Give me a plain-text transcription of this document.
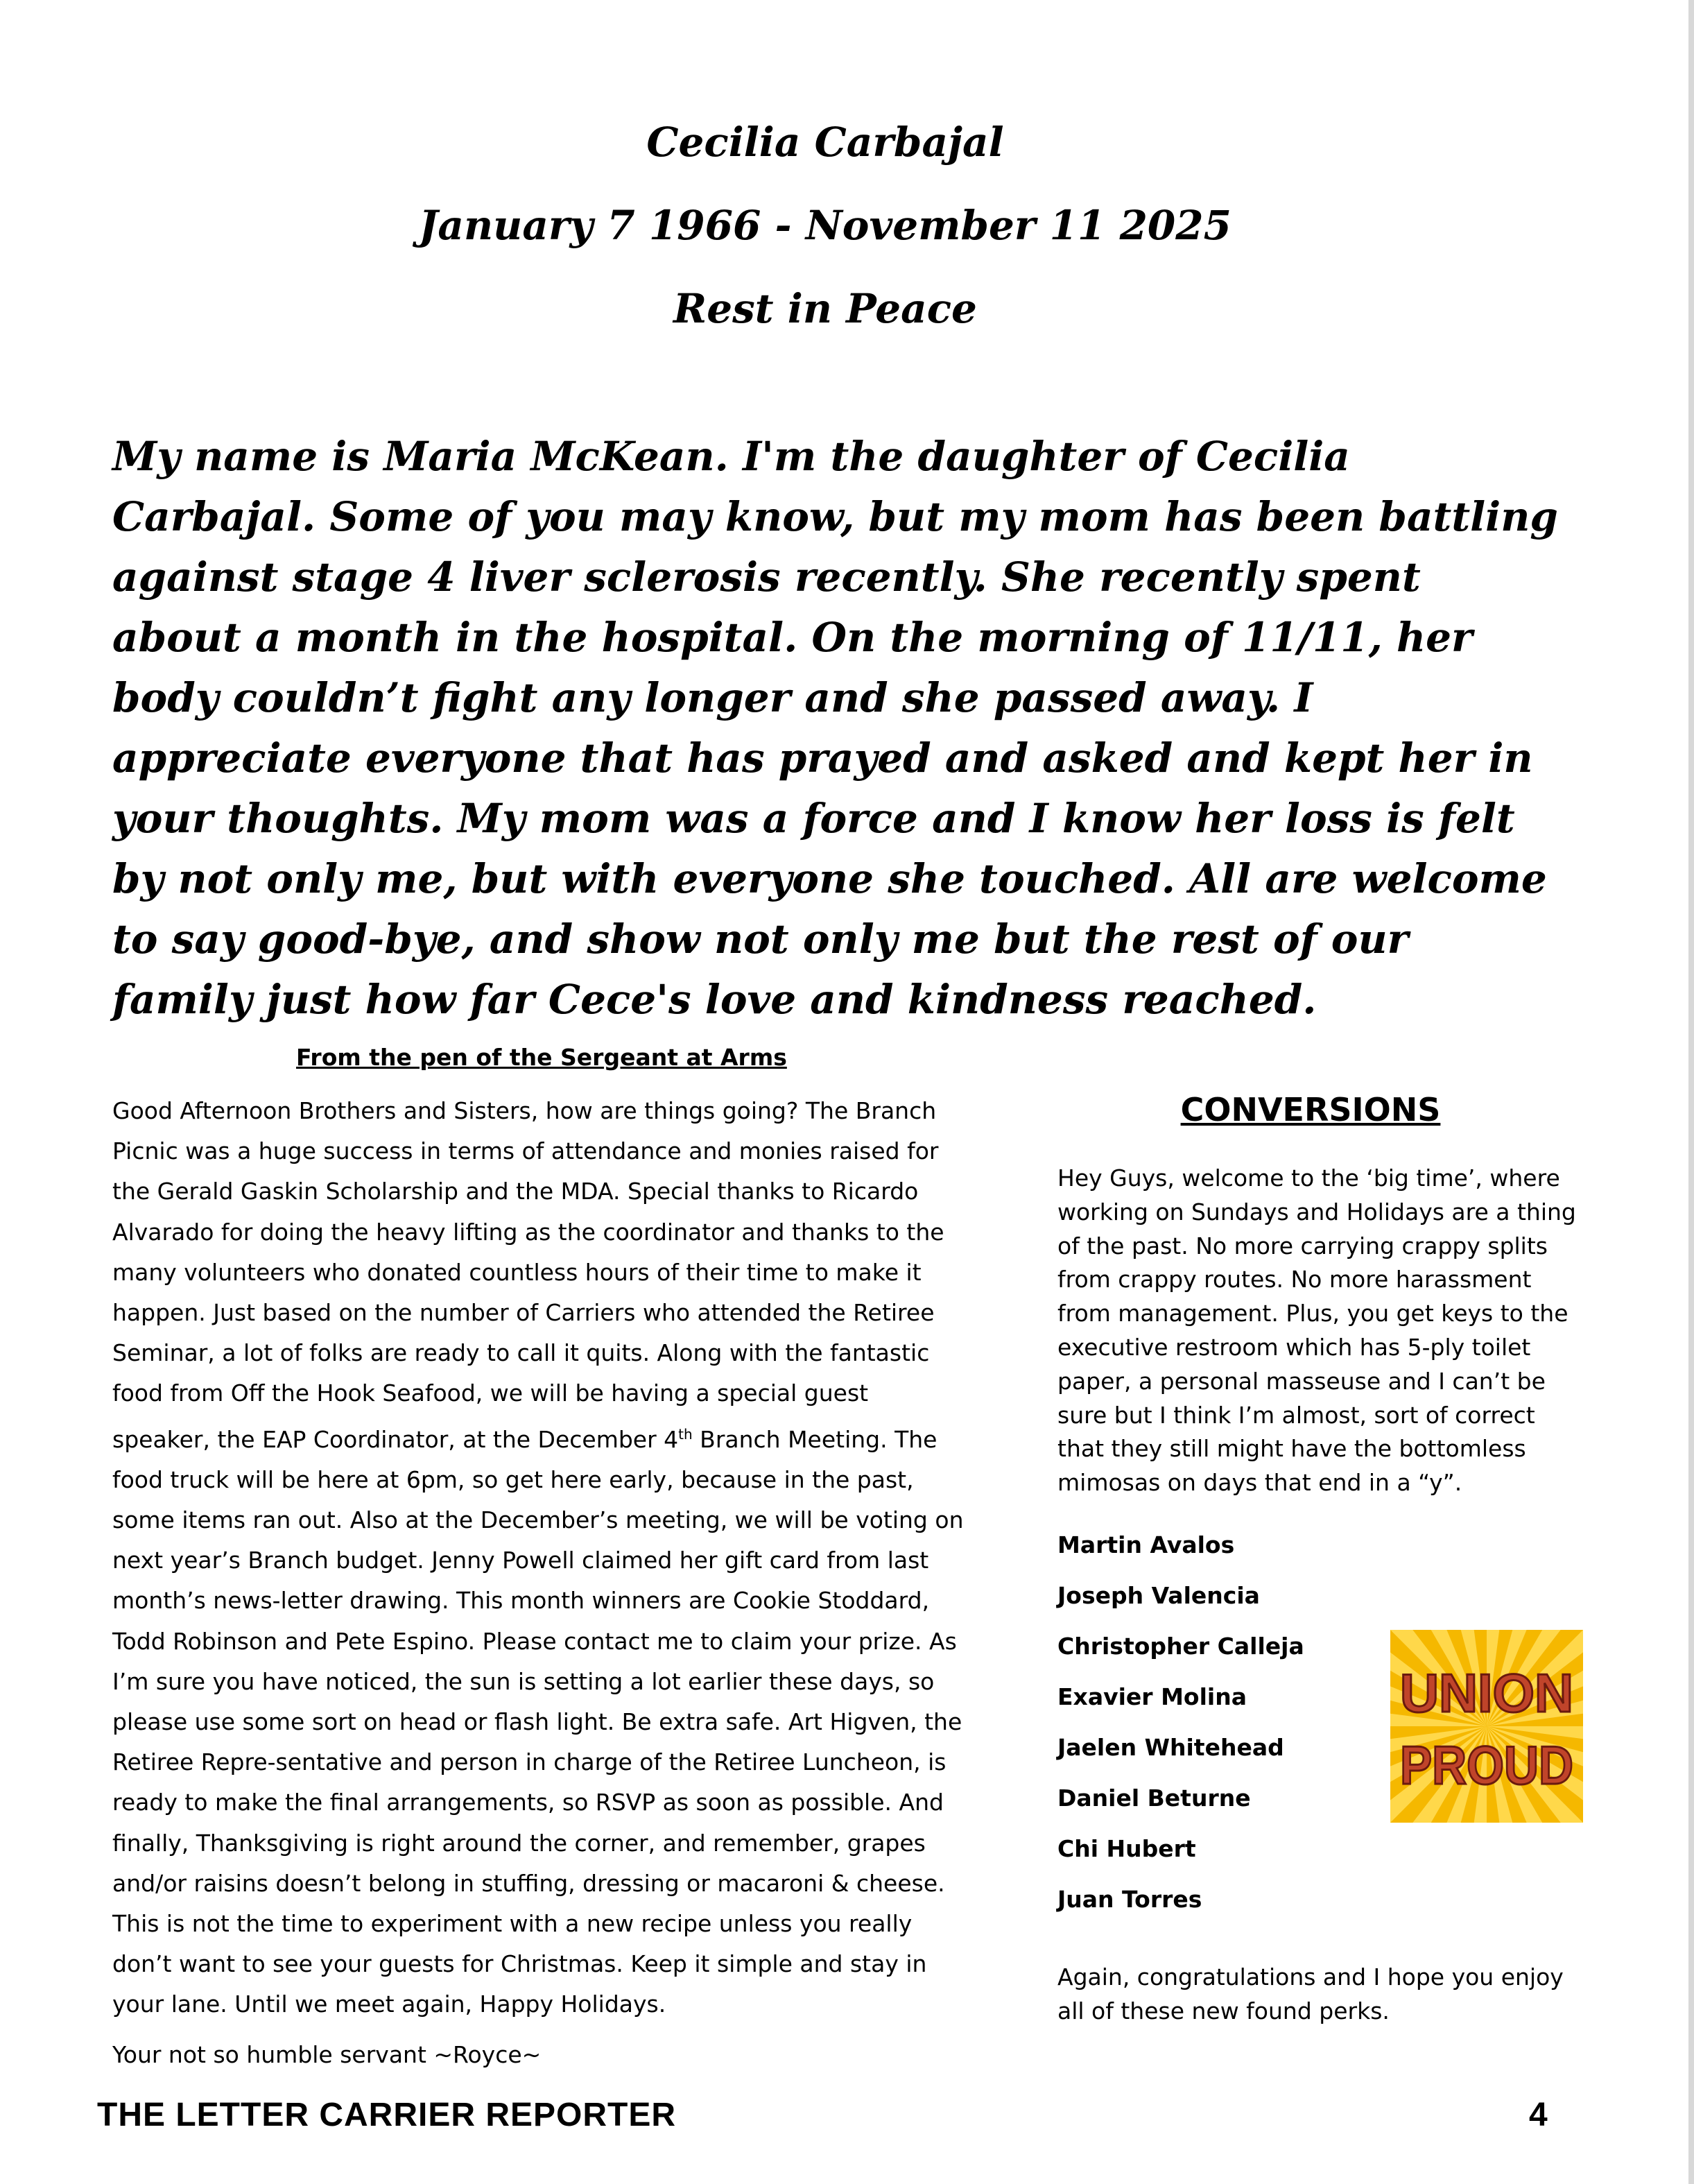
Cecilia Carbajal
January 7 1966 - November 11 2025
Rest in Peace

My name is Maria McKean. I'm the daughter of Cecilia Carbajal. Some of you may know, but my mom has been battling against stage 4 liver sclerosis recently. She recently spent about a month in the hospital. On the morning of 11/11, her body couldn’t fight any longer and she passed away. I appreciate everyone that has prayed and asked and kept her in your thoughts. My mom was a force and I know her loss is felt by not only me, but with everyone she touched. All are welcome to say good-bye, and show not only me but the rest of our family just how far Cece's love and kindness reached.

From the pen of the Sergeant at Arms

Good Afternoon Brothers and Sisters, how are things going? The Branch Picnic was a huge success in terms of attendance and monies raised for the Gerald Gaskin Scholarship and the MDA. Special thanks to Ricardo Alvarado for doing the heavy lifting as the coordinator and thanks to the many volunteers who donated countless hours of their time to make it happen. Just based on the number of Carriers who attended the Retiree Seminar, a lot of folks are ready to call it quits. Along with the fantastic food from Off the Hook Seafood, we will be having a special guest speaker, the EAP Coordinator, at the December 4th Branch Meeting. The food truck will be here at 6pm, so get here early, because in the past, some items ran out. Also at the December’s meeting, we will be voting on next year’s Branch budget. Jenny Powell claimed her gift card from last month’s news-letter drawing. This month winners are Cookie Stoddard, Todd Robinson and Pete Espino. Please contact me to claim your prize. As I’m sure you have noticed, the sun is setting a lot earlier these days, so please use some sort on head or flash light. Be extra safe. Art Higven, the Retiree Repre-sentative and person in charge of the Retiree Luncheon, is ready to make the final arrangements, so RSVP as soon as possible. And finally, Thanksgiving is right around the corner, and remember, grapes and/or raisins doesn’t belong in stuffing, dressing or macaroni & cheese. This is not the time to experiment with a new recipe unless you really don’t want to see your guests for Christmas. Keep it simple and stay in your lane. Until we meet again, Happy Holidays.

Your not so humble servant ~Royce~

CONVERSIONS

Hey Guys, welcome to the ‘big time’, where working on Sundays and Holidays are a thing of the past. No more carrying crappy splits from crappy routes. No more harassment from management. Plus, you get keys to the executive restroom which has 5-ply toilet paper, a personal masseuse and I can’t be sure but I think I’m almost, sort of correct that they still might have the bottomless mimosas on days that end in a “y”.

Martin Avalos
Joseph Valencia
Christopher Calleja
Exavier Molina
Jaelen Whitehead
Daniel Beturne
Chi Hubert
Juan Torres

Again, congratulations and I hope you enjoy all of these new found perks.

UNION
PROUD
THE LETTER CARRIER REPORTER	4
